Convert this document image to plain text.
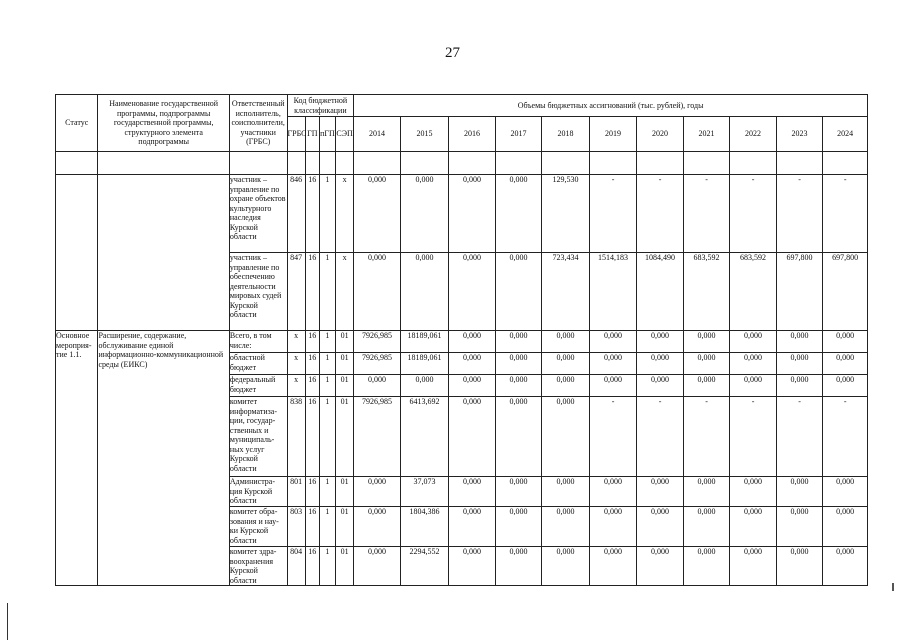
27
Статус	Наименование государственной программы, подпрограммы государственной программы, структурного элемента подпрограммы	Ответственный исполнитель, соисполнители, участники (ГРБС)	Код бюджетной классификации				Объемы бюджетных ассигнований (тыс. рублей), годы										
			ГРБС	ГП	пГП	СЭП	2014	2015	2016	2017	2018	2019	2020	2021	2022	2023	2024

		участник – управление по охране объектов культурного наследия Курской области	846	16	1	х	0,000	0,000	0,000	0,000	129,530	-	-	-	-	-	-
		участник – управление по обеспечению деятельности мировых судей Курской области	847	16	1	х	0,000	0,000	0,000	0,000	723,434	1514,183	1084,490	683,592	683,592	697,800	697,800
Основное мероприя-тие 1.1.	Расширение, содержание, обслуживание единой информационно-коммуникационной среды (ЕИКС)	Всего, в том числе:	х	16	1	01	7926,985	18189,061	0,000	0,000	0,000	0,000	0,000	0,000	0,000	0,000	0,000
		областной бюджет	х	16	1	01	7926,985	18189,061	0,000	0,000	0,000	0,000	0,000	0,000	0,000	0,000	0,000
		федеральный бюджет	х	16	1	01	0,000	0,000	0,000	0,000	0,000	0,000	0,000	0,000	0,000	0,000	0,000
		комитет информатиза-ции, государ-ственных и муниципаль-ных услуг Курской области	838	16	1	01	7926,985	6413,692	0,000	0,000	0,000	-	-	-	-	-	-
		Администра-ция Курской области	801	16	1	01	0,000	37,073	0,000	0,000	0,000	0,000	0,000	0,000	0,000	0,000	0,000
		комитет обра-зования и нау-ки Курской области	803	16	1	01	0,000	1804,386	0,000	0,000	0,000	0,000	0,000	0,000	0,000	0,000	0,000
		комитет здра-воохранения Курской области	804	16	1	01	0,000	2294,552	0,000	0,000	0,000	0,000	0,000	0,000	0,000	0,000	0,000
